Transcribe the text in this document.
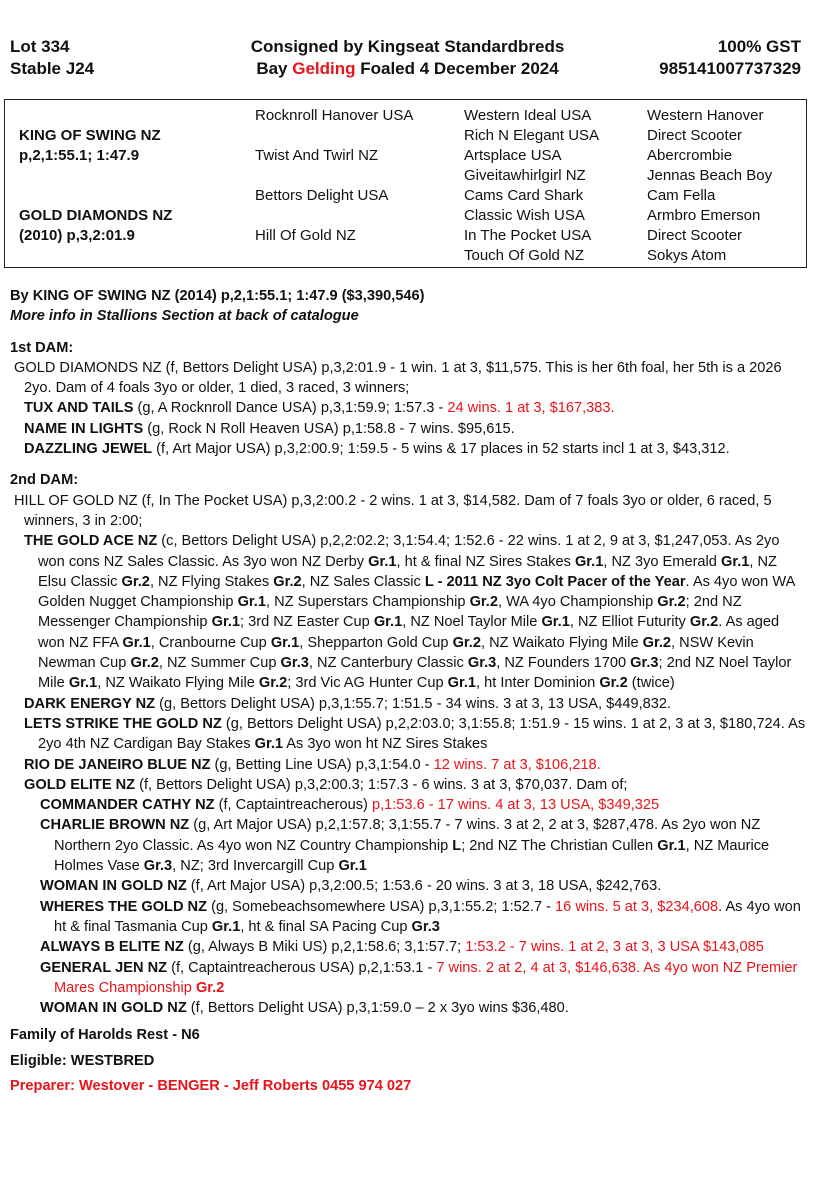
Lot 334
Stable J24
Consigned by Kingseat Standardbreds
Bay Gelding Foaled 4 December 2024
100% GST
985141007737329
KING OF SWING NZ
p,2,1:55.1; 1:47.9
GOLD DIAMONDS NZ
(2010) p,3,2:01.9
Rocknroll Hanover USA
Twist And Twirl NZ
Bettors Delight USA
Hill Of Gold NZ
Western Ideal USA
Rich N Elegant USA
Artsplace USA
Giveitawhirlgirl NZ
Cams Card Shark
Classic Wish USA
In The Pocket USA
Touch Of Gold NZ
Western Hanover
Direct Scooter
Abercrombie
Jennas Beach Boy
Cam Fella
Armbro Emerson
Direct Scooter
Sokys Atom

By KING OF SWING NZ (2014) p,2,1:55.1; 1:47.9 ($3,390,546)

More info in Stallions Section at back of catalogue

1st DAM:

GOLD DIAMONDS NZ (f, Bettors Delight USA) p,3,2:01.9 - 1 win. 1 at 3, $11,575. This is her 6th foal, her 5th is a 2026 2yo. Dam of 4 foals 3yo or older, 1 died, 3 raced, 3 winners;

TUX AND TAILS (g, A Rocknroll Dance USA) p,3,1:59.9; 1:57.3 - 24 wins. 1 at 3, $167,383.

NAME IN LIGHTS (g, Rock N Roll Heaven USA) p,1:58.8 - 7 wins. $95,615.

DAZZLING JEWEL (f, Art Major USA) p,3,2:00.9; 1:59.5 - 5 wins & 17 places in 52 starts incl 1 at 3, $43,312.

2nd DAM:

HILL OF GOLD NZ (f, In The Pocket USA) p,3,2:00.2 - 2 wins. 1 at 3, $14,582. Dam of 7 foals 3yo or older, 6 raced, 5 winners, 3 in 2:00;

THE GOLD ACE NZ (c, Bettors Delight USA) p,2,2:02.2; 3,1:54.4; 1:52.6 - 22 wins. 1 at 2, 9 at 3, $1,247,053. As 2yo won cons NZ Sales Classic. As 3yo won NZ Derby Gr.1, ht & final NZ Sires Stakes Gr.1, NZ 3yo Emerald Gr.1, NZ Elsu Classic Gr.2, NZ Flying Stakes Gr.2, NZ Sales Classic L - 2011 NZ 3yo Colt Pacer of the Year. As 4yo won WA Golden Nugget Championship Gr.1, NZ Superstars Championship Gr.2, WA 4yo Championship Gr.2; 2nd NZ Messenger Championship Gr.1; 3rd NZ Easter Cup Gr.1, NZ Noel Taylor Mile Gr.1, NZ Elliot Futurity Gr.2. As aged won NZ FFA Gr.1, Cranbourne Cup Gr.1, Shepparton Gold Cup Gr.2, NZ Waikato Flying Mile Gr.2, NSW Kevin Newman Cup Gr.2, NZ Summer Cup Gr.3, NZ Canterbury Classic Gr.3, NZ Founders 1700 Gr.3; 2nd NZ Noel Taylor Mile Gr.1, NZ Waikato Flying Mile Gr.2; 3rd Vic AG Hunter Cup Gr.1, ht Inter Dominion Gr.2 (twice)

DARK ENERGY NZ (g, Bettors Delight USA) p,3,1:55.7; 1:51.5 - 34 wins. 3 at 3, 13 USA, $449,832.

LETS STRIKE THE GOLD NZ (g, Bettors Delight USA) p,2,2:03.0; 3,1:55.8; 1:51.9 - 15 wins. 1 at 2, 3 at 3, $180,724. As 2yo 4th NZ Cardigan Bay Stakes Gr.1 As 3yo won ht NZ Sires Stakes

RIO DE JANEIRO BLUE NZ (g, Betting Line USA) p,3,1:54.0 - 12 wins. 7 at 3, $106,218.

GOLD ELITE NZ (f, Bettors Delight USA) p,3,2:00.3; 1:57.3 - 6 wins. 3 at 3, $70,037. Dam of;

COMMANDER CATHY NZ (f, Captaintreacherous) p,1:53.6 - 17 wins. 4 at 3, 13 USA, $349,325

CHARLIE BROWN NZ (g, Art Major USA) p,2,1:57.8; 3,1:55.7 - 7 wins. 3 at 2, 2 at 3, $287,478. As 2yo won NZ Northern 2yo Classic. As 4yo won NZ Country Championship L; 2nd NZ The Christian Cullen Gr.1, NZ Maurice Holmes Vase Gr.3, NZ; 3rd Invercargill Cup Gr.1

WOMAN IN GOLD NZ (f, Art Major USA) p,3,2:00.5; 1:53.6 - 20 wins. 3 at 3, 18 USA, $242,763.

WHERES THE GOLD NZ (g, Somebeachsomewhere USA) p,3,1:55.2; 1:52.7 - 16 wins. 5 at 3, $234,608. As 4yo won ht & final Tasmania Cup Gr.1, ht & final SA Pacing Cup Gr.3

ALWAYS B ELITE NZ (g, Always B Miki US) p,2,1:58.6; 3,1:57.7; 1:53.2 - 7 wins. 1 at 2, 3 at 3, 3 USA $143,085

GENERAL JEN NZ (f, Captaintreacherous USA) p,2,1:53.1 - 7 wins. 2 at 2, 4 at 3, $146,638. As 4yo won NZ Premier Mares Championship Gr.2

WOMAN IN GOLD NZ (f, Bettors Delight USA) p,3,1:59.0 – 2 x 3yo wins $36,480.

Family of Harolds Rest - N6

Eligible: WESTBRED

Preparer: Westover - BENGER - Jeff Roberts 0455 974 027
